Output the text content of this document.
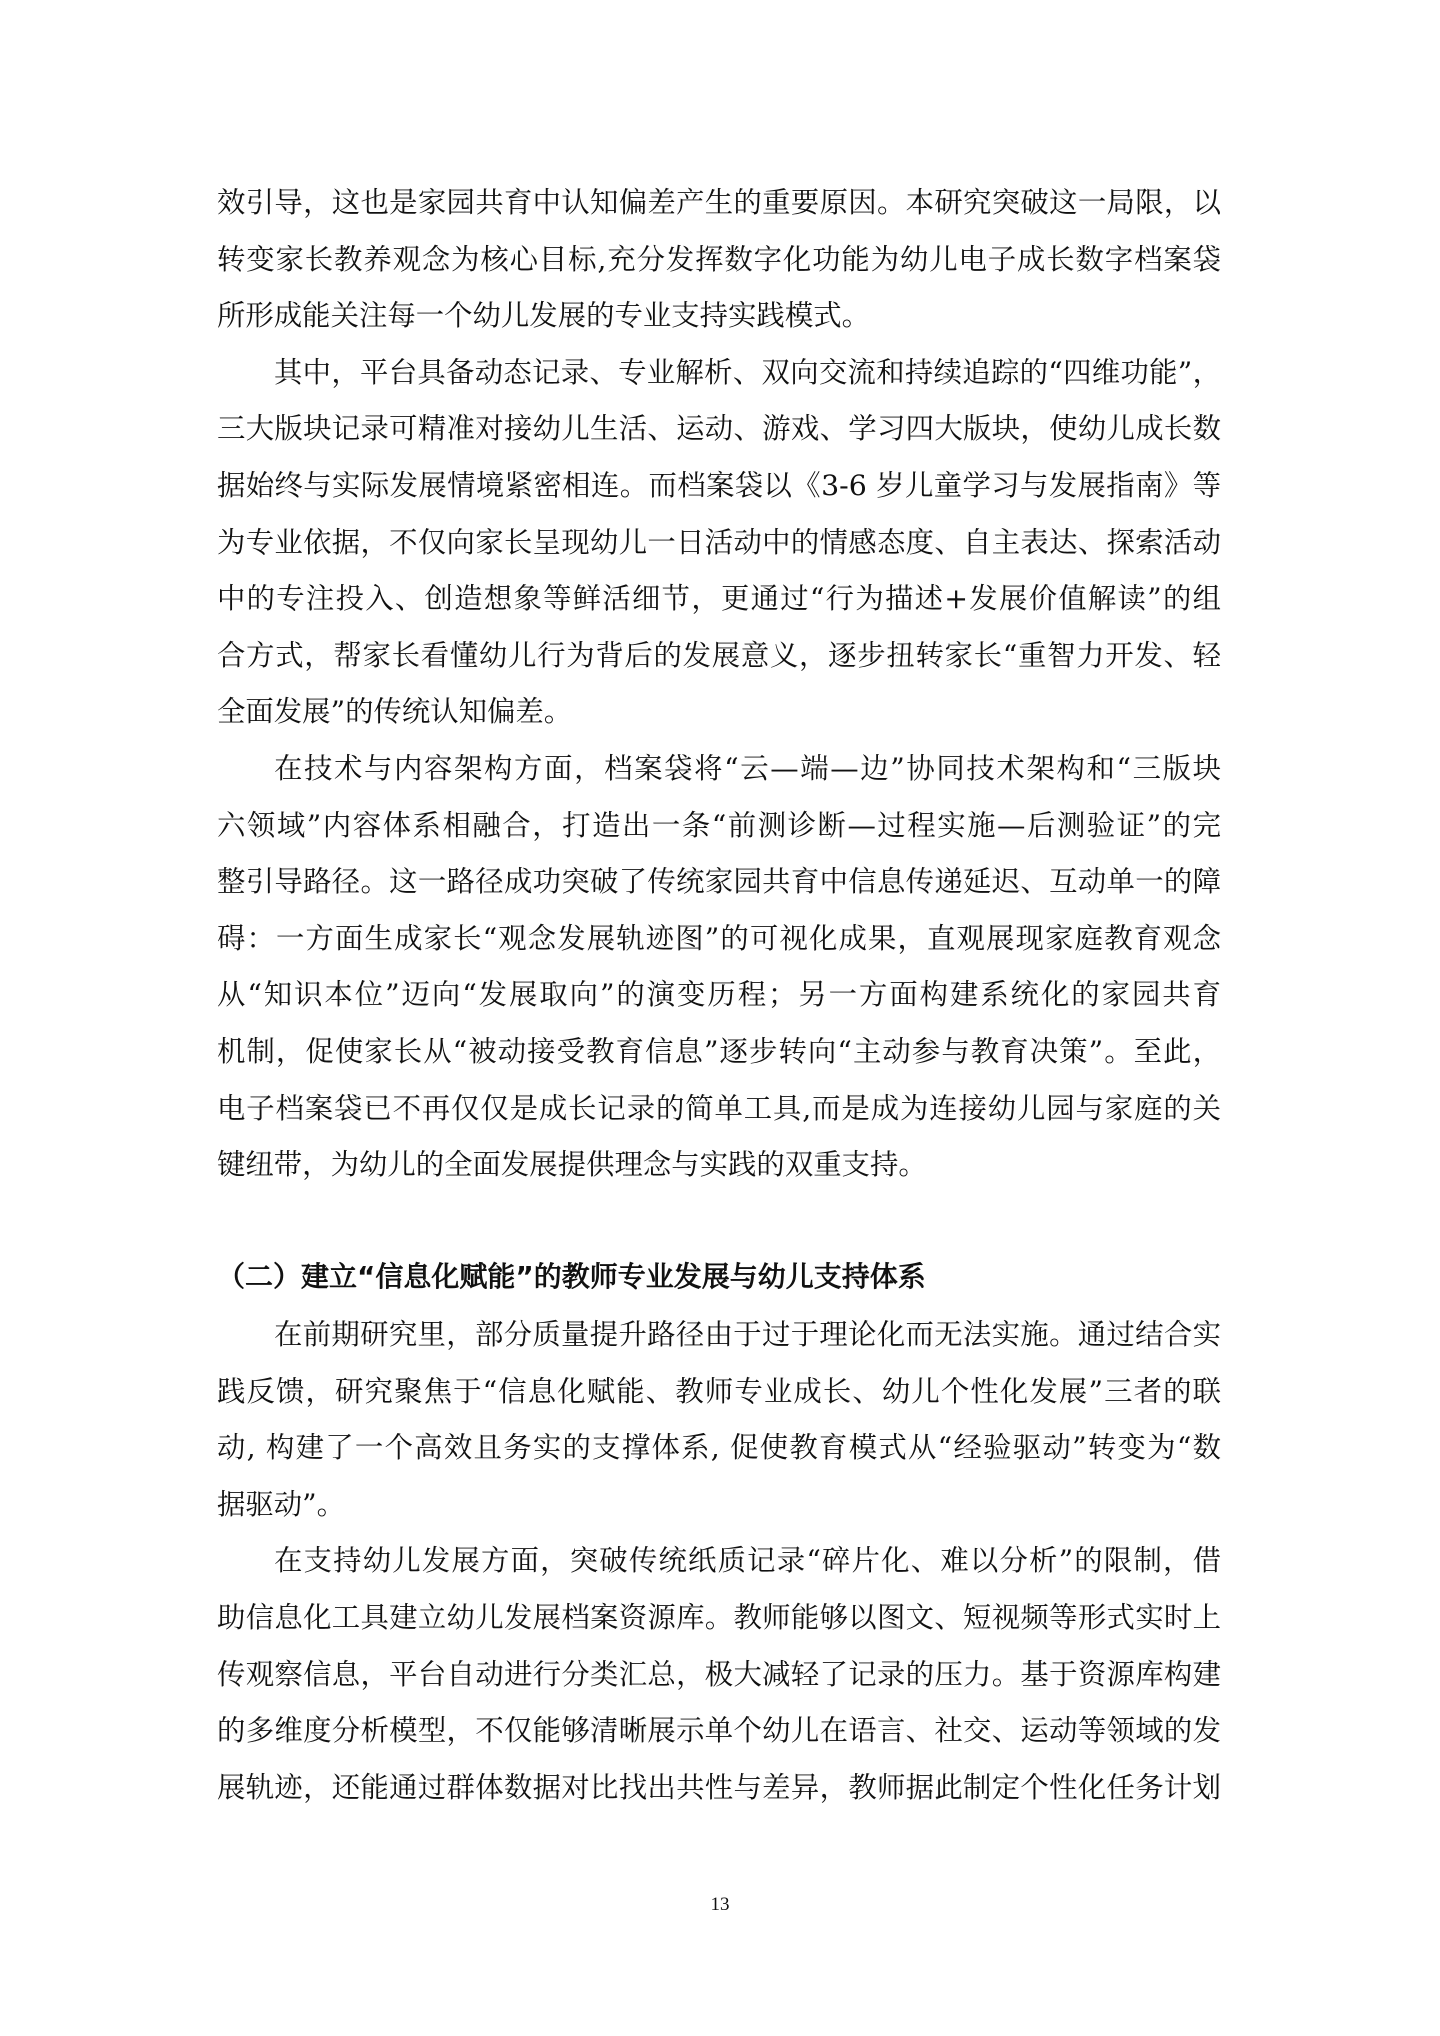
效引导，这也是家园共育中认知偏差产生的重要原因。本研究突破这一局限，以
转变家长教养观念为核心目标,充分发挥数字化功能为幼儿电子成长数字档案袋
所形成能关注每一个幼儿发展的专业支持实践模式。
其中，平台具备动态记录、专业解析、双向交流和持续追踪的“四维功能”，
三大版块记录可精准对接幼儿生活、运动、游戏、学习四大版块，使幼儿成长数
据始终与实际发展情境紧密相连。而档案袋以《3-6 岁儿童学习与发展指南》等
为专业依据，不仅向家长呈现幼儿一日活动中的情感态度、自主表达、探索活动
中的专注投入、创造想象等鲜活细节，更通过“行为描述+发展价值解读”的组
合方式，帮家长看懂幼儿行为背后的发展意义，逐步扭转家长“重智力开发、轻
全面发展”的传统认知偏差。
在技术与内容架构方面，档案袋将“云—端—边”协同技术架构和“三版块
六领域”内容体系相融合，打造出一条“前测诊断—过程实施—后测验证”的完
整引导路径。这一路径成功突破了传统家园共育中信息传递延迟、互动单一的障
碍：一方面生成家长“观念发展轨迹图”的可视化成果，直观展现家庭教育观念
从“知识本位”迈向“发展取向”的演变历程；另一方面构建系统化的家园共育
机制，促使家长从“被动接受教育信息”逐步转向“主动参与教育决策”。至此，
电子档案袋已不再仅仅是成长记录的简单工具,而是成为连接幼儿园与家庭的关
键纽带，为幼儿的全面发展提供理念与实践的双重支持。
（二）建立“信息化赋能”的教师专业发展与幼儿支持体系
在前期研究里，部分质量提升路径由于过于理论化而无法实施。通过结合实
践反馈，研究聚焦于“信息化赋能、教师专业成长、幼儿个性化发展”三者的联
动, 构建了一个高效且务实的支撑体系, 促使教育模式从“经验驱动”转变为“数
据驱动”。
在支持幼儿发展方面，突破传统纸质记录“碎片化、难以分析”的限制，借
助信息化工具建立幼儿发展档案资源库。教师能够以图文、短视频等形式实时上
传观察信息，平台自动进行分类汇总，极大减轻了记录的压力。基于资源库构建
的多维度分析模型，不仅能够清晰展示单个幼儿在语言、社交、运动等领域的发
展轨迹，还能通过群体数据对比找出共性与差异，教师据此制定个性化任务计划
13
